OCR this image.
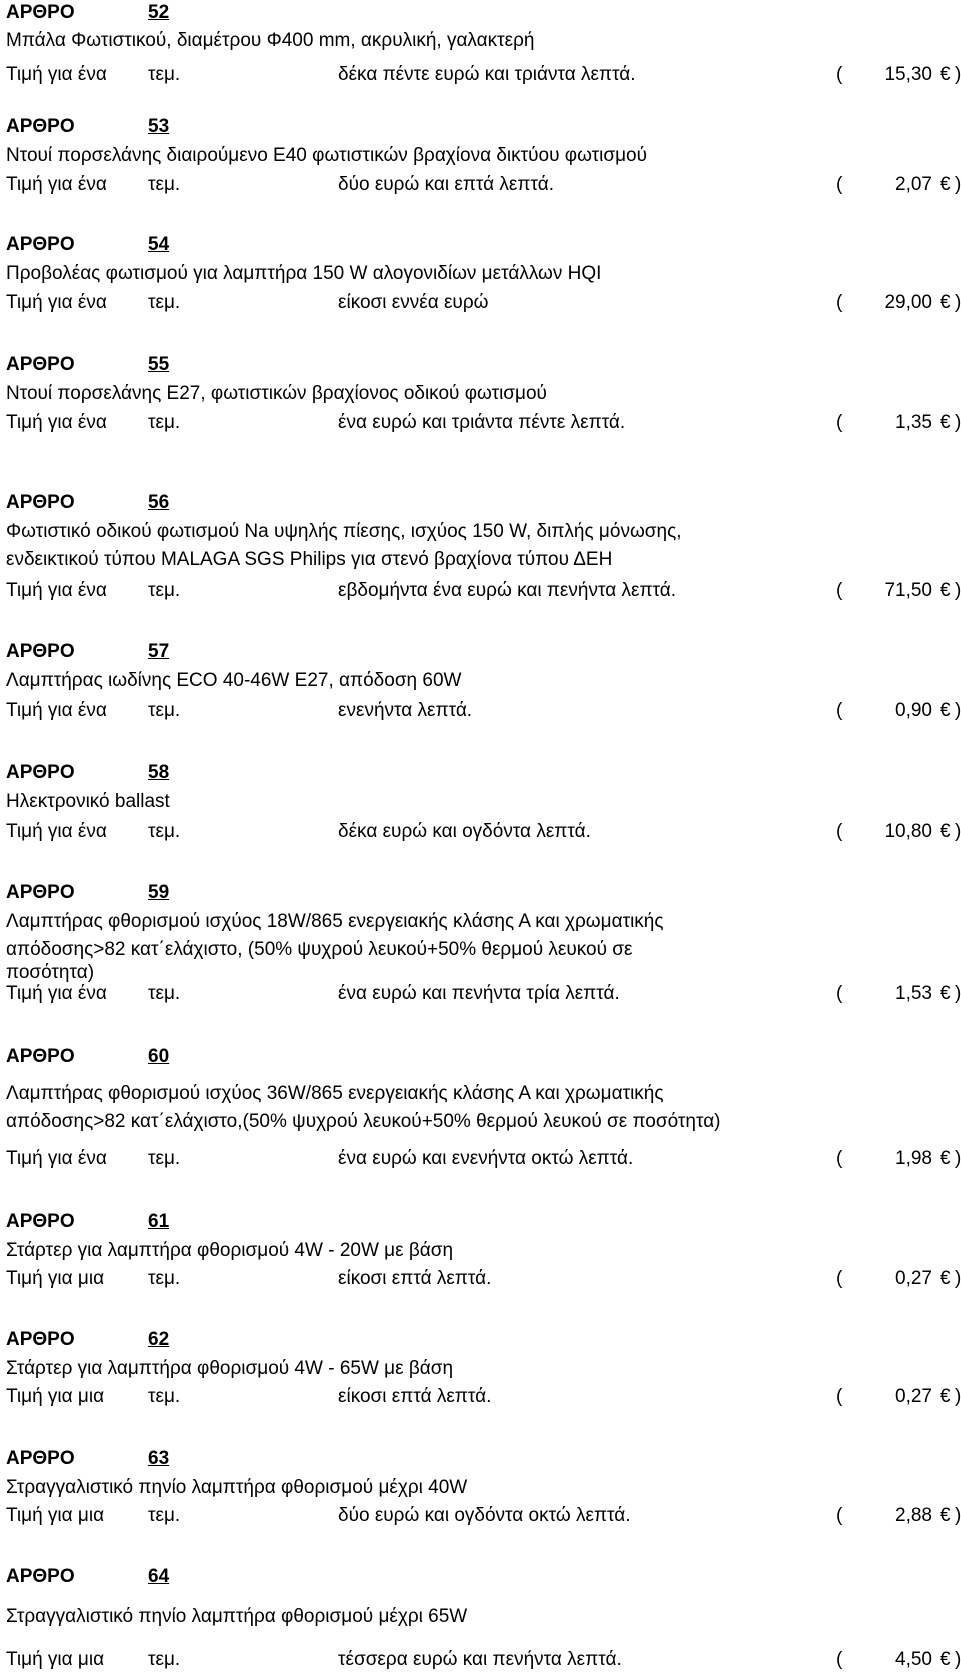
ΑΡΘΡΟ	52
Μπάλα Φωτιστικού, διαμέτρου Φ400 mm, ακρυλική, γαλακτερή
Τιμή για ένα τεμ.	δέκα πέντε ευρώ και τριάντα λεπτά.	(	15,30 € )
ΑΡΘΡΟ	53
Ντουί πορσελάνης διαιρούμενο Ε40 φωτιστικών βραχίονα δικτύου φωτισμού
Τιμή για ένα τεμ.	δύο ευρώ και επτά λεπτά.	(	2,07 € )
ΑΡΘΡΟ	54
Προβολέας φωτισμού για λαμπτήρα 150 W αλογονιδίων μετάλλων HQI
Τιμή για ένα τεμ.	είκοσι εννέα ευρώ	(	29,00 € )
ΑΡΘΡΟ	55
Ντουί πορσελάνης Ε27, φωτιστικών βραχίονος οδικού φωτισμού
Τιμή για ένα τεμ.	ένα ευρώ και τριάντα πέντε λεπτά.	(	1,35 € )
ΑΡΘΡΟ	56
Φωτιστικό οδικού φωτισμού Na υψηλής πίεσης, ισχύος 150 W, διπλής μόνωσης,
ενδεικτικού τύπου MALAGA SGS Philips για στενό βραχίονα τύπου ΔΕΗ
Τιμή για ένα τεμ.	εβδομήντα ένα ευρώ και πενήντα λεπτά.	(	71,50 € )
ΑΡΘΡΟ	57
Λαμπτήρας ιωδίνης ECO 40-46W E27, απόδοση 60W
Τιμή για ένα τεμ.	ενενήντα λεπτά.	(	0,90 € )
ΑΡΘΡΟ	58
Ηλεκτρονικό ballast
Τιμή για ένα τεμ.	δέκα ευρώ και ογδόντα λεπτά.	(	10,80 € )
ΑΡΘΡΟ	59
Λαμπτήρας φθορισμού ισχύος 18W/865 ενεργειακής κλάσης Α και χρωματικής
απόδοσης>82 κατ΄ελάχιστο, (50% ψυχρού λευκού+50% θερμού λευκού σε
ποσότητα)
Τιμή για ένα τεμ.	ένα ευρώ και πενήντα τρία λεπτά.	(	1,53 € )
ΑΡΘΡΟ	60
Λαμπτήρας φθορισμού ισχύος 36W/865 ενεργειακής κλάσης Α και χρωματικής
απόδοσης>82 κατ΄ελάχιστο,(50% ψυχρού λευκού+50% θερμού λευκού σε ποσότητα)
Τιμή για ένα τεμ.	ένα ευρώ και ενενήντα οκτώ λεπτά.	(	1,98 € )
ΑΡΘΡΟ	61
Στάρτερ για λαμπτήρα φθορισμού 4W - 20W με βάση
Τιμή για μια τεμ.	είκοσι επτά λεπτά.	(	0,27 € )
ΑΡΘΡΟ	62
Στάρτερ για λαμπτήρα φθορισμού 4W - 65W με βάση
Τιμή για μια τεμ.	είκοσι επτά λεπτά.	(	0,27 € )
ΑΡΘΡΟ	63
Στραγγαλιστικό πηνίο λαμπτήρα φθορισμού μέχρι 40W
Τιμή για μια τεμ.	δύο ευρώ και ογδόντα οκτώ λεπτά.	(	2,88 € )
ΑΡΘΡΟ	64
Στραγγαλιστικό πηνίο λαμπτήρα φθορισμού μέχρι 65W
Τιμή για μια τεμ.	τέσσερα ευρώ και πενήντα λεπτά.	(	4,50 € )
